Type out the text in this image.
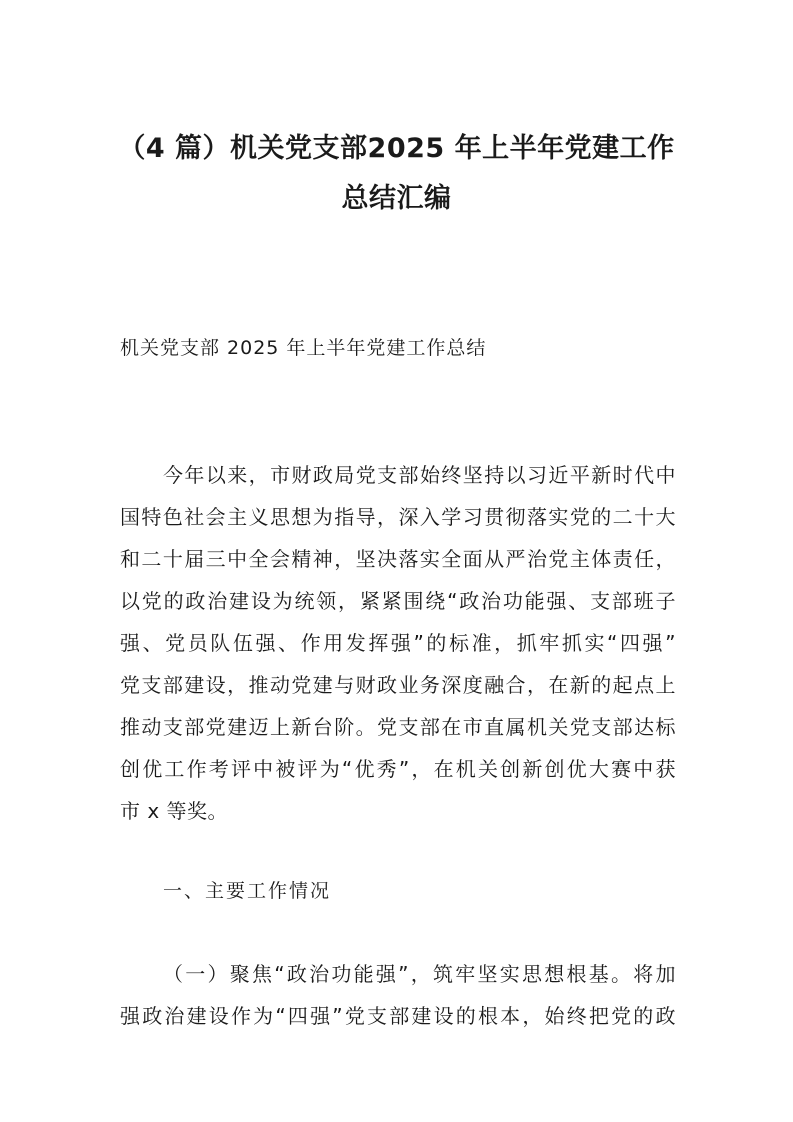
（4 篇）机关党支部2025 年上半年党建工作
总结汇编
机关党支部 2025 年上半年党建工作总结
今年以来，市财政局党支部始终坚持以习近平新时代中
国特色社会主义思想为指导，深入学习贯彻落实党的二十大
和二十届三中全会精神，坚决落实全面从严治党主体责任，
以党的政治建设为统领，紧紧围绕“政治功能强、支部班子
强、党员队伍强、作用发挥强”的标准，抓牢抓实“四强”
党支部建设，推动党建与财政业务深度融合，在新的起点上
推动支部党建迈上新台阶。党支部在市直属机关党支部达标
创优工作考评中被评为“优秀”，在机关创新创优大赛中获
市 x 等奖。
一、主要工作情况
（一）聚焦“政治功能强”，筑牢坚实思想根基。将加
强政治建设作为“四强”党支部建设的根本，始终把党的政
